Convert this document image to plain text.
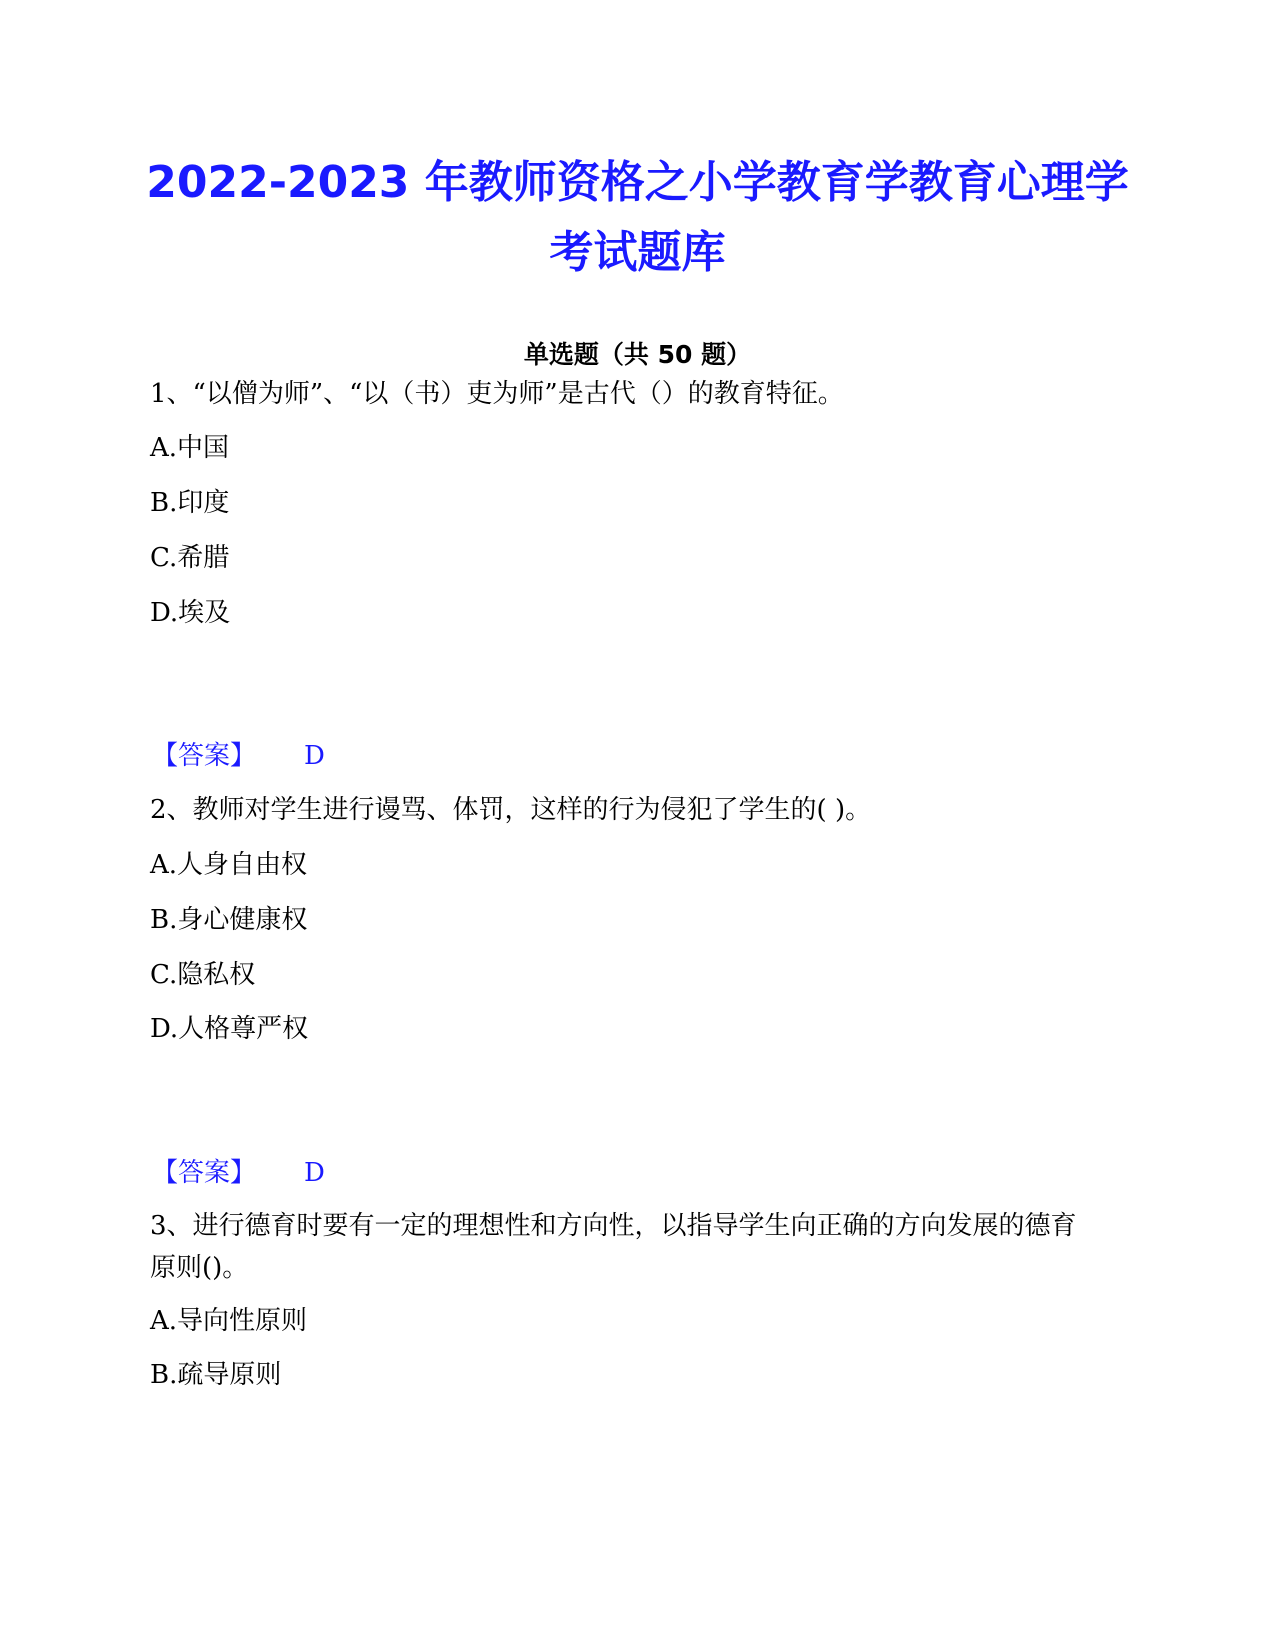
2022-2023 年教师资格之小学教育学教育心理学考试题库
单选题（共 50 题）
1、“以僧为师”、“以（书）吏为师”是古代（）的教育特征。
A.中国
B.印度
C.希腊
D.埃及
【答案】 D
2、教师对学生进行谩骂、体罚，这样的行为侵犯了学生的( )。
A.人身自由权
B.身心健康权
C.隐私权
D.人格尊严权
【答案】 D
3、进行德育时要有一定的理想性和方向性，以指导学生向正确的方向发展的德育原则()。
A.导向性原则
B.疏导原则
